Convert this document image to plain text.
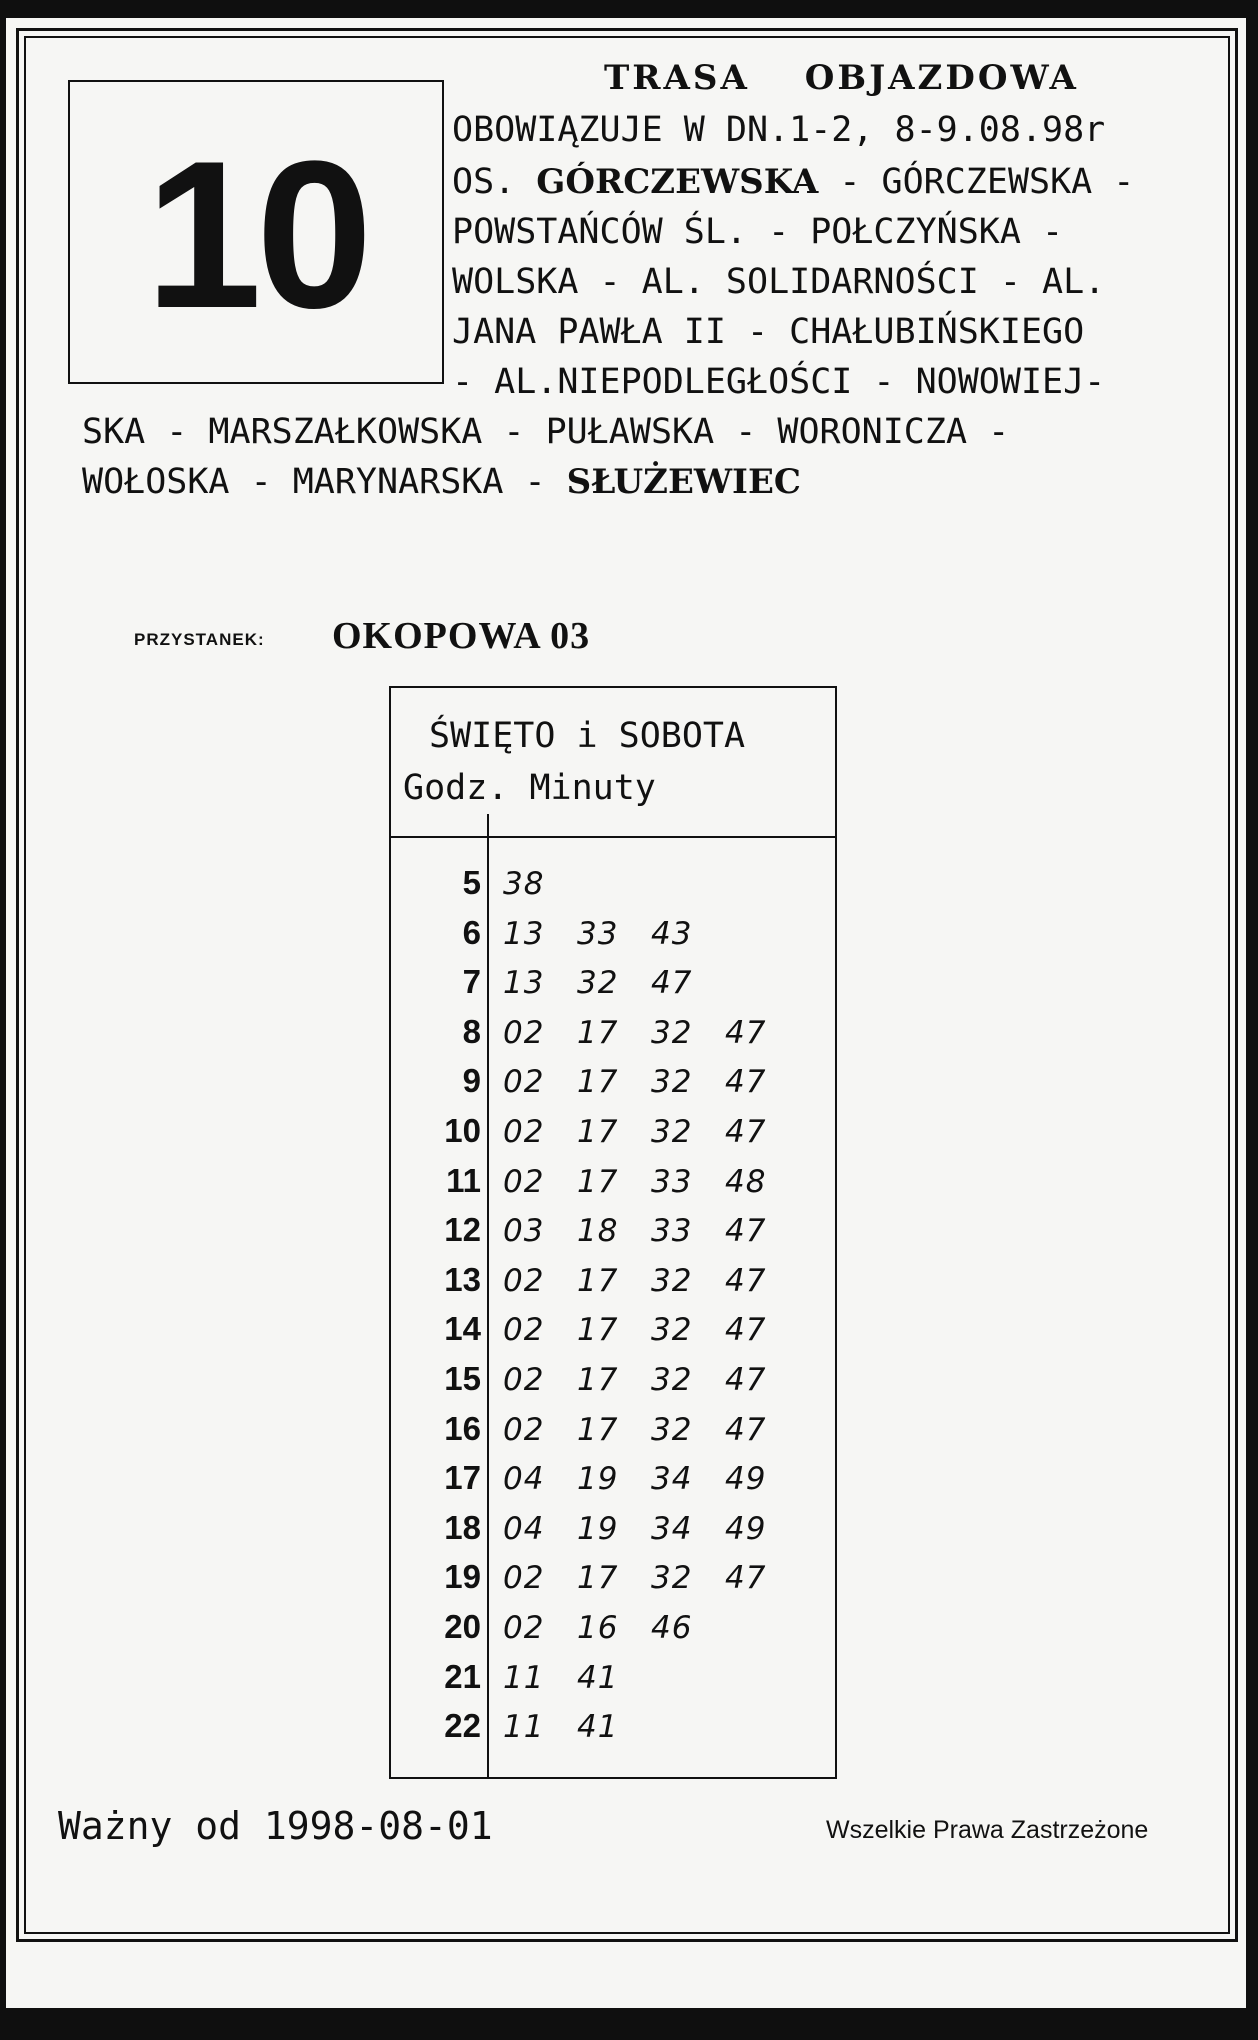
10
TRASA OBJAZDOWA
OBOWIĄZUJE W DN.1-2, 8-9.08.98r
OS. GÓRCZEWSKA - GÓRCZEWSKA -
POWSTAŃCÓW ŚL. - POŁCZYŃSKA -
WOLSKA - AL. SOLIDARNOŚCI - AL.
JANA PAWŁA II - CHAŁUBIŃSKIEGO
- AL.NIEPODLEGŁOŚCI - NOWOWIEJ-
SKA - MARSZAŁKOWSKA - PUŁAWSKA - WORONICZA -
WOŁOSKA - MARYNARSKA - SŁUŻEWIEC
PRZYSTANEK: OKOPOWA 03
ŚWIĘTO i SOBOTA
Godz. Minuty
5 38
6 13 33 43
7 13 32 47
8 02 17 32 47
9 02 17 32 47
10 02 17 32 47
11 02 17 33 48
12 03 18 33 47
13 02 17 32 47
14 02 17 32 47
15 02 17 32 47
16 02 17 32 47
17 04 19 34 49
18 04 19 34 49
19 02 17 32 47
20 02 16 46
21 11 41
22 11 41
Ważny od 1998-08-01	Wszelkie Prawa Zastrzeżone
